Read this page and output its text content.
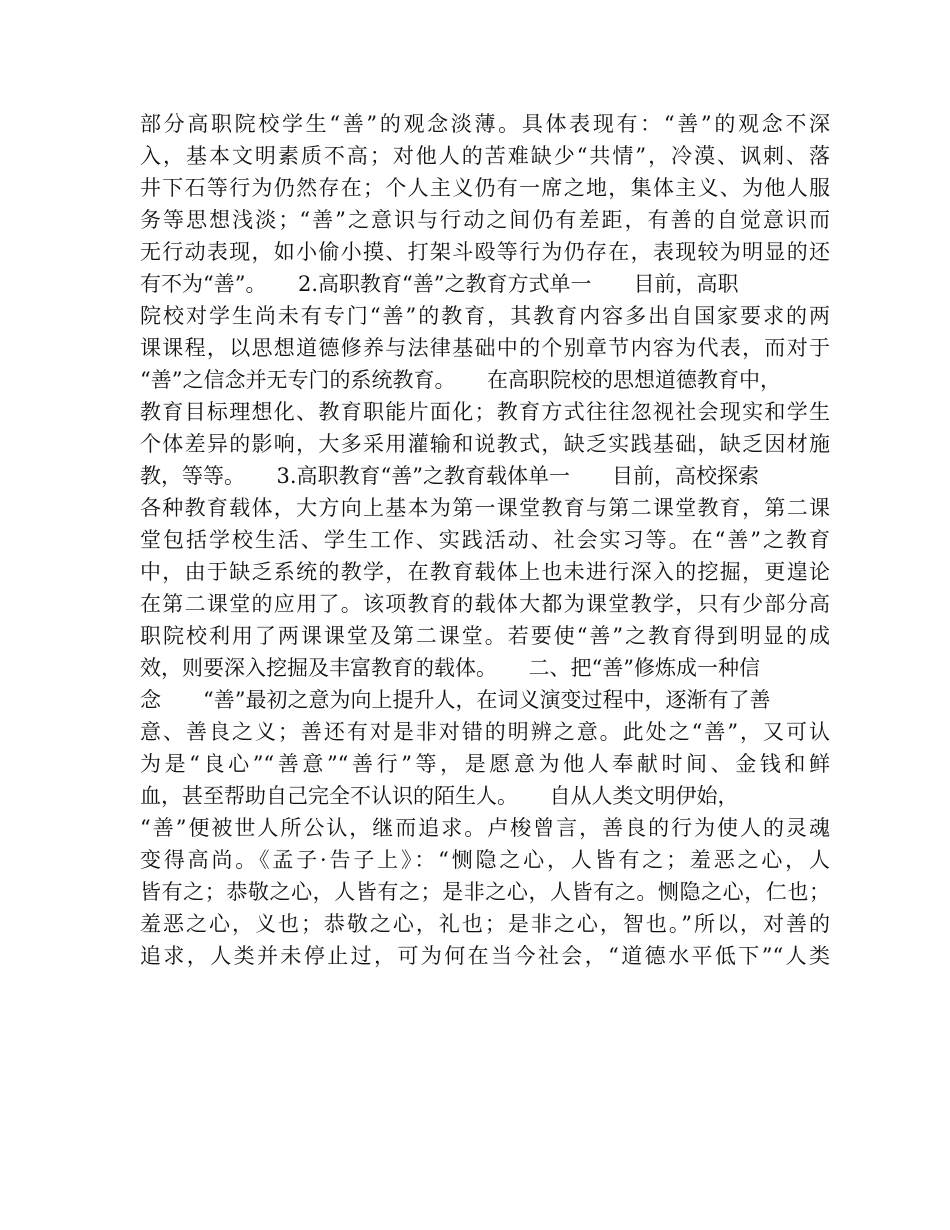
部分高职院校学生“善”的观念淡薄。具体表现有：“善”的观念不深
入，基本文明素质不高；对他人的苦难缺少“共情”，冷漠、讽刺、落
井下石等行为仍然存在；个人主义仍有一席之地，集体主义、为他人服
务等思想浅淡；“善”之意识与行动之间仍有差距，有善的自觉意识而
无行动表现，如小偷小摸、打架斗殴等行为仍存在，表现较为明显的还
有不为“善”。　　2.高职教育“善”之教育方式单一　　目前，高职
院校对学生尚未有专门“善”的教育，其教育内容多出自国家要求的两
课课程，以思想道德修养与法律基础中的个别章节内容为代表，而对于
“善”之信念并无专门的系统教育。　　在高职院校的思想道德教育中，
教育目标理想化、教育职能片面化；教育方式往往忽视社会现实和学生
个体差异的影响，大多采用灌输和说教式，缺乏实践基础，缺乏因材施
教，等等。　　3.高职教育“善”之教育载体单一　　目前，高校探索
各种教育载体，大方向上基本为第一课堂教育与第二课堂教育，第二课
堂包括学校生活、学生工作、实践活动、社会实习等。在“善”之教育
中，由于缺乏系统的教学，在教育载体上也未进行深入的挖掘，更遑论
在第二课堂的应用了。该项教育的载体大都为课堂教学，只有少部分高
职院校利用了两课课堂及第二课堂。若要使“善”之教育得到明显的成
效，则要深入挖掘及丰富教育的载体。　　二、把“善”修炼成一种信
念　　“善”最初之意为向上提升人，在词义演变过程中，逐渐有了善
意、善良之义；善还有对是非对错的明辨之意。此处之“善”，又可认
为是“良心”“善意”“善行”等，是愿意为他人奉献时间、金钱和鲜
血，甚至帮助自己完全不认识的陌生人。　　自从人类文明伊始，
“善”便被世人所公认，继而追求。卢梭曾言，善良的行为使人的灵魂
变得高尚。《孟子·告子上》：“恻隐之心，人皆有之；羞恶之心，人
皆有之；恭敬之心，人皆有之；是非之心，人皆有之。恻隐之心，仁也；
羞恶之心，义也；恭敬之心，礼也；是非之心，智也。”所以，对善的
追求，人类并未停止过，可为何在当今社会，“道德水平低下”“人类
